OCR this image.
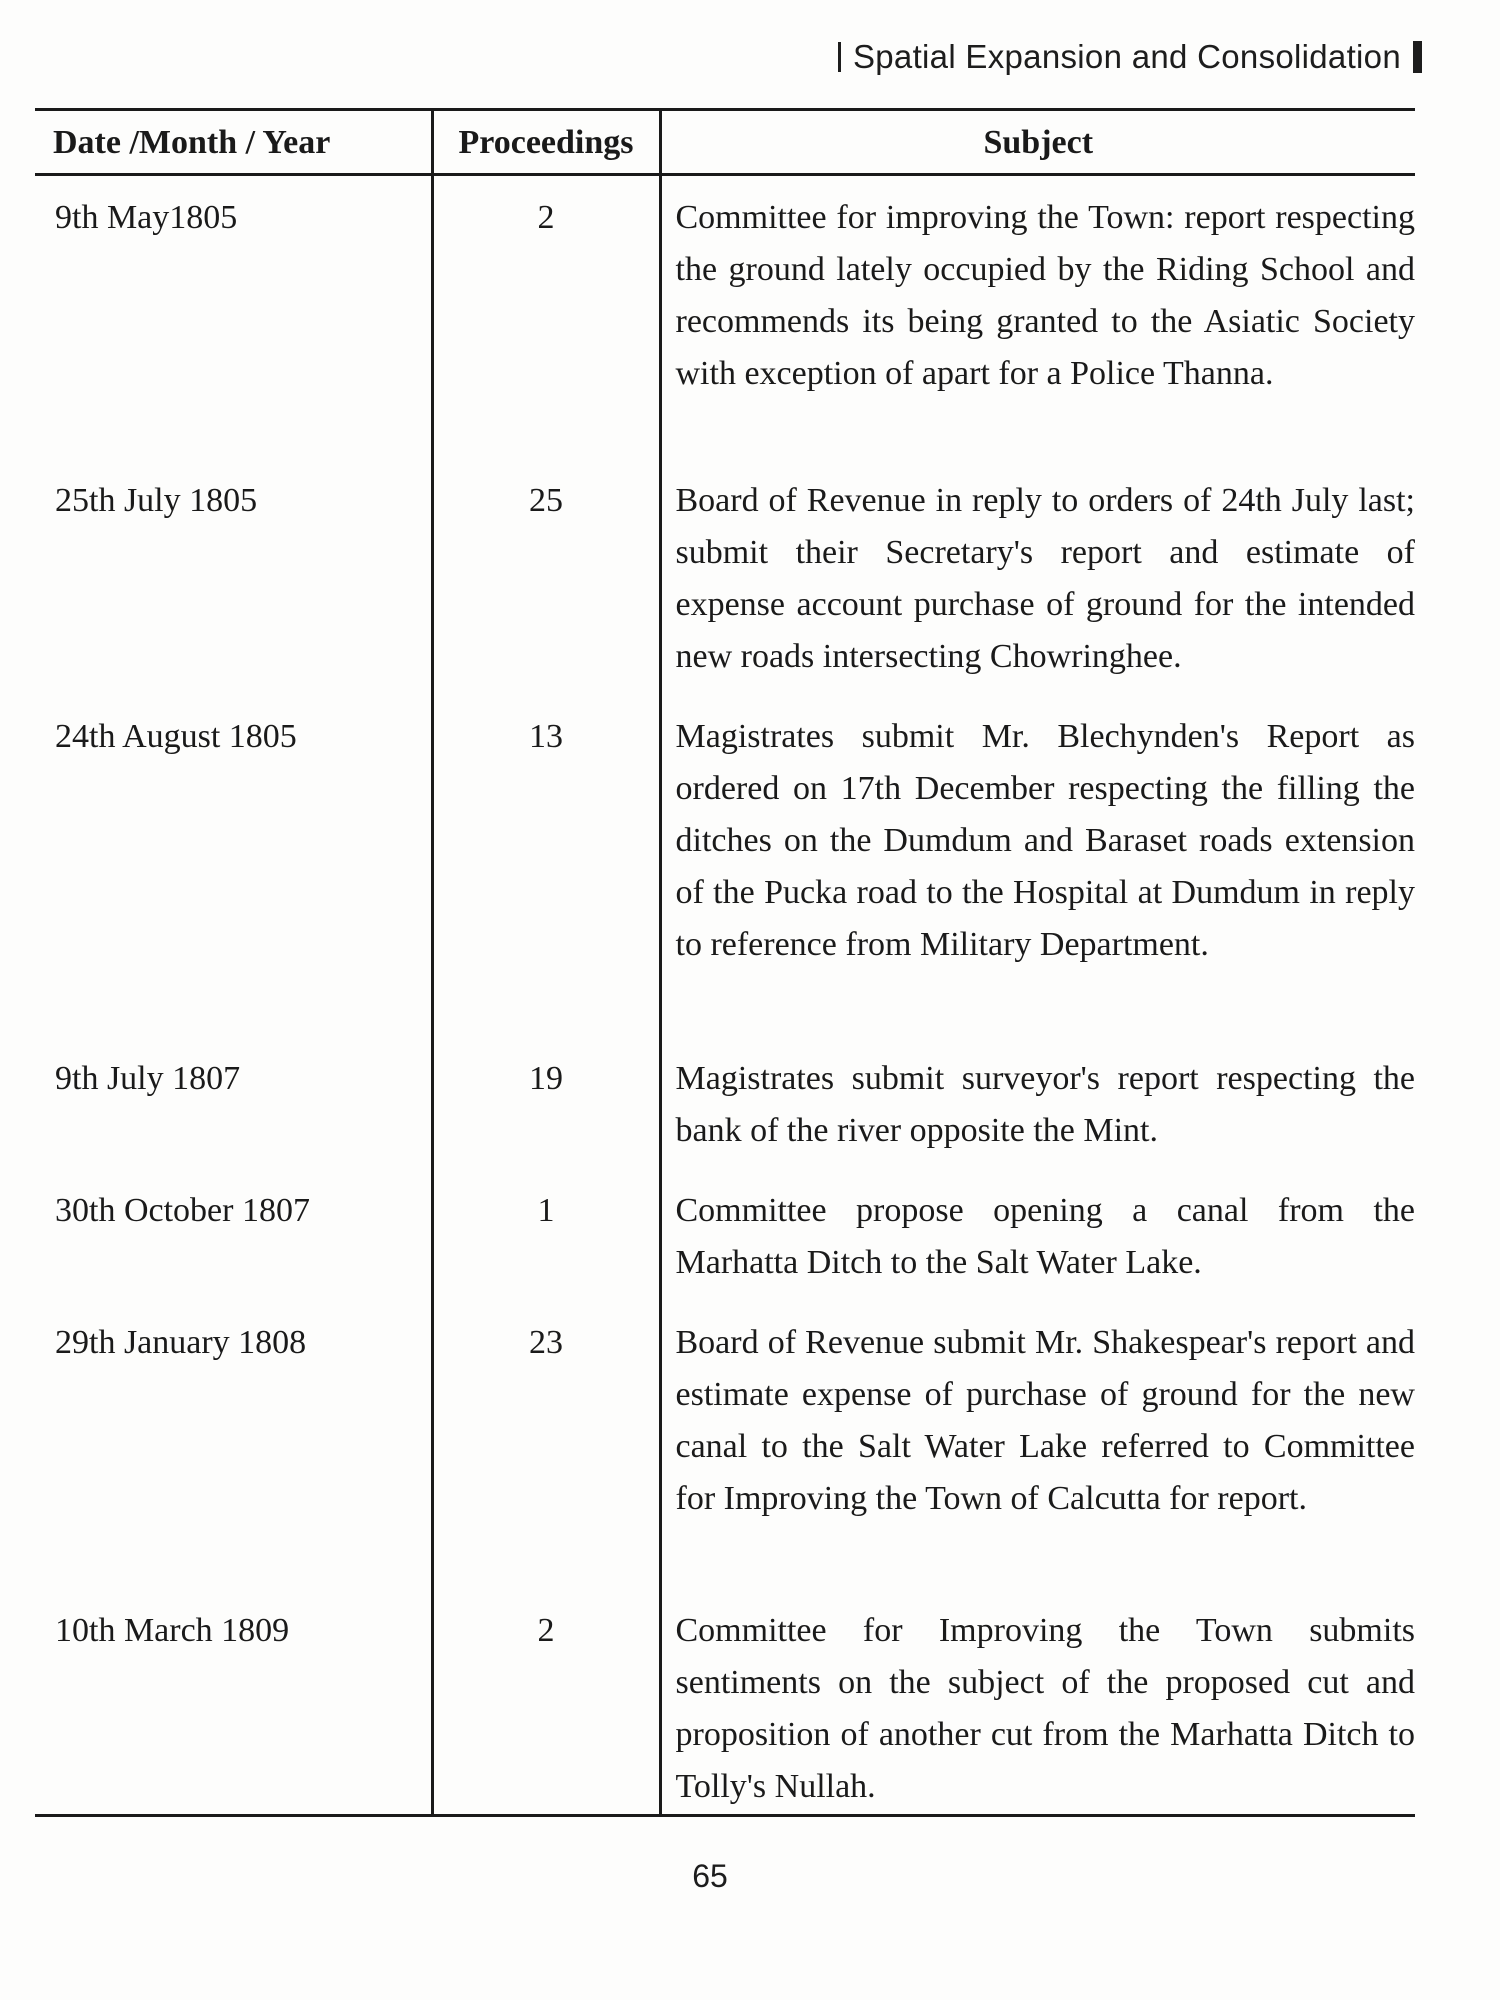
Spatial Expansion and Consolidation
Date /Month / Year	Proceedings	Subject
9th May1805	2	Committee for improving the Town: report respecting the ground lately occupied by the Riding School and recommends its being granted to the Asiatic Society with exception of apart for a Police Thanna.
25th July 1805	25	Board of Revenue in reply to orders of 24th July last; submit their Secretary's report and estimate of expense account purchase of ground for the intended new roads intersecting Chowringhee.
24th August 1805	13	Magistrates submit Mr. Blechynden's Report as ordered on 17th December respecting the filling the ditches on the Dumdum and Baraset roads extension of the Pucka road to the Hospital at Dumdum in reply to reference from Military Department.
9th July 1807	19	Magistrates submit surveyor's report respecting the bank of the river opposite the Mint.
30th October 1807	1	Committee propose opening a canal from the Marhatta Ditch to the Salt Water Lake.
29th January 1808	23	Board of Revenue submit Mr. Shakespear's report and estimate expense of purchase of ground for the new canal to the Salt Water Lake referred to Committee for Improving the Town of Calcutta for report.
10th March 1809	2	Committee for Improving the Town submits sentiments on the subject of the proposed cut and proposition of another cut from the Marhatta Ditch to Tolly's Nullah.
65
